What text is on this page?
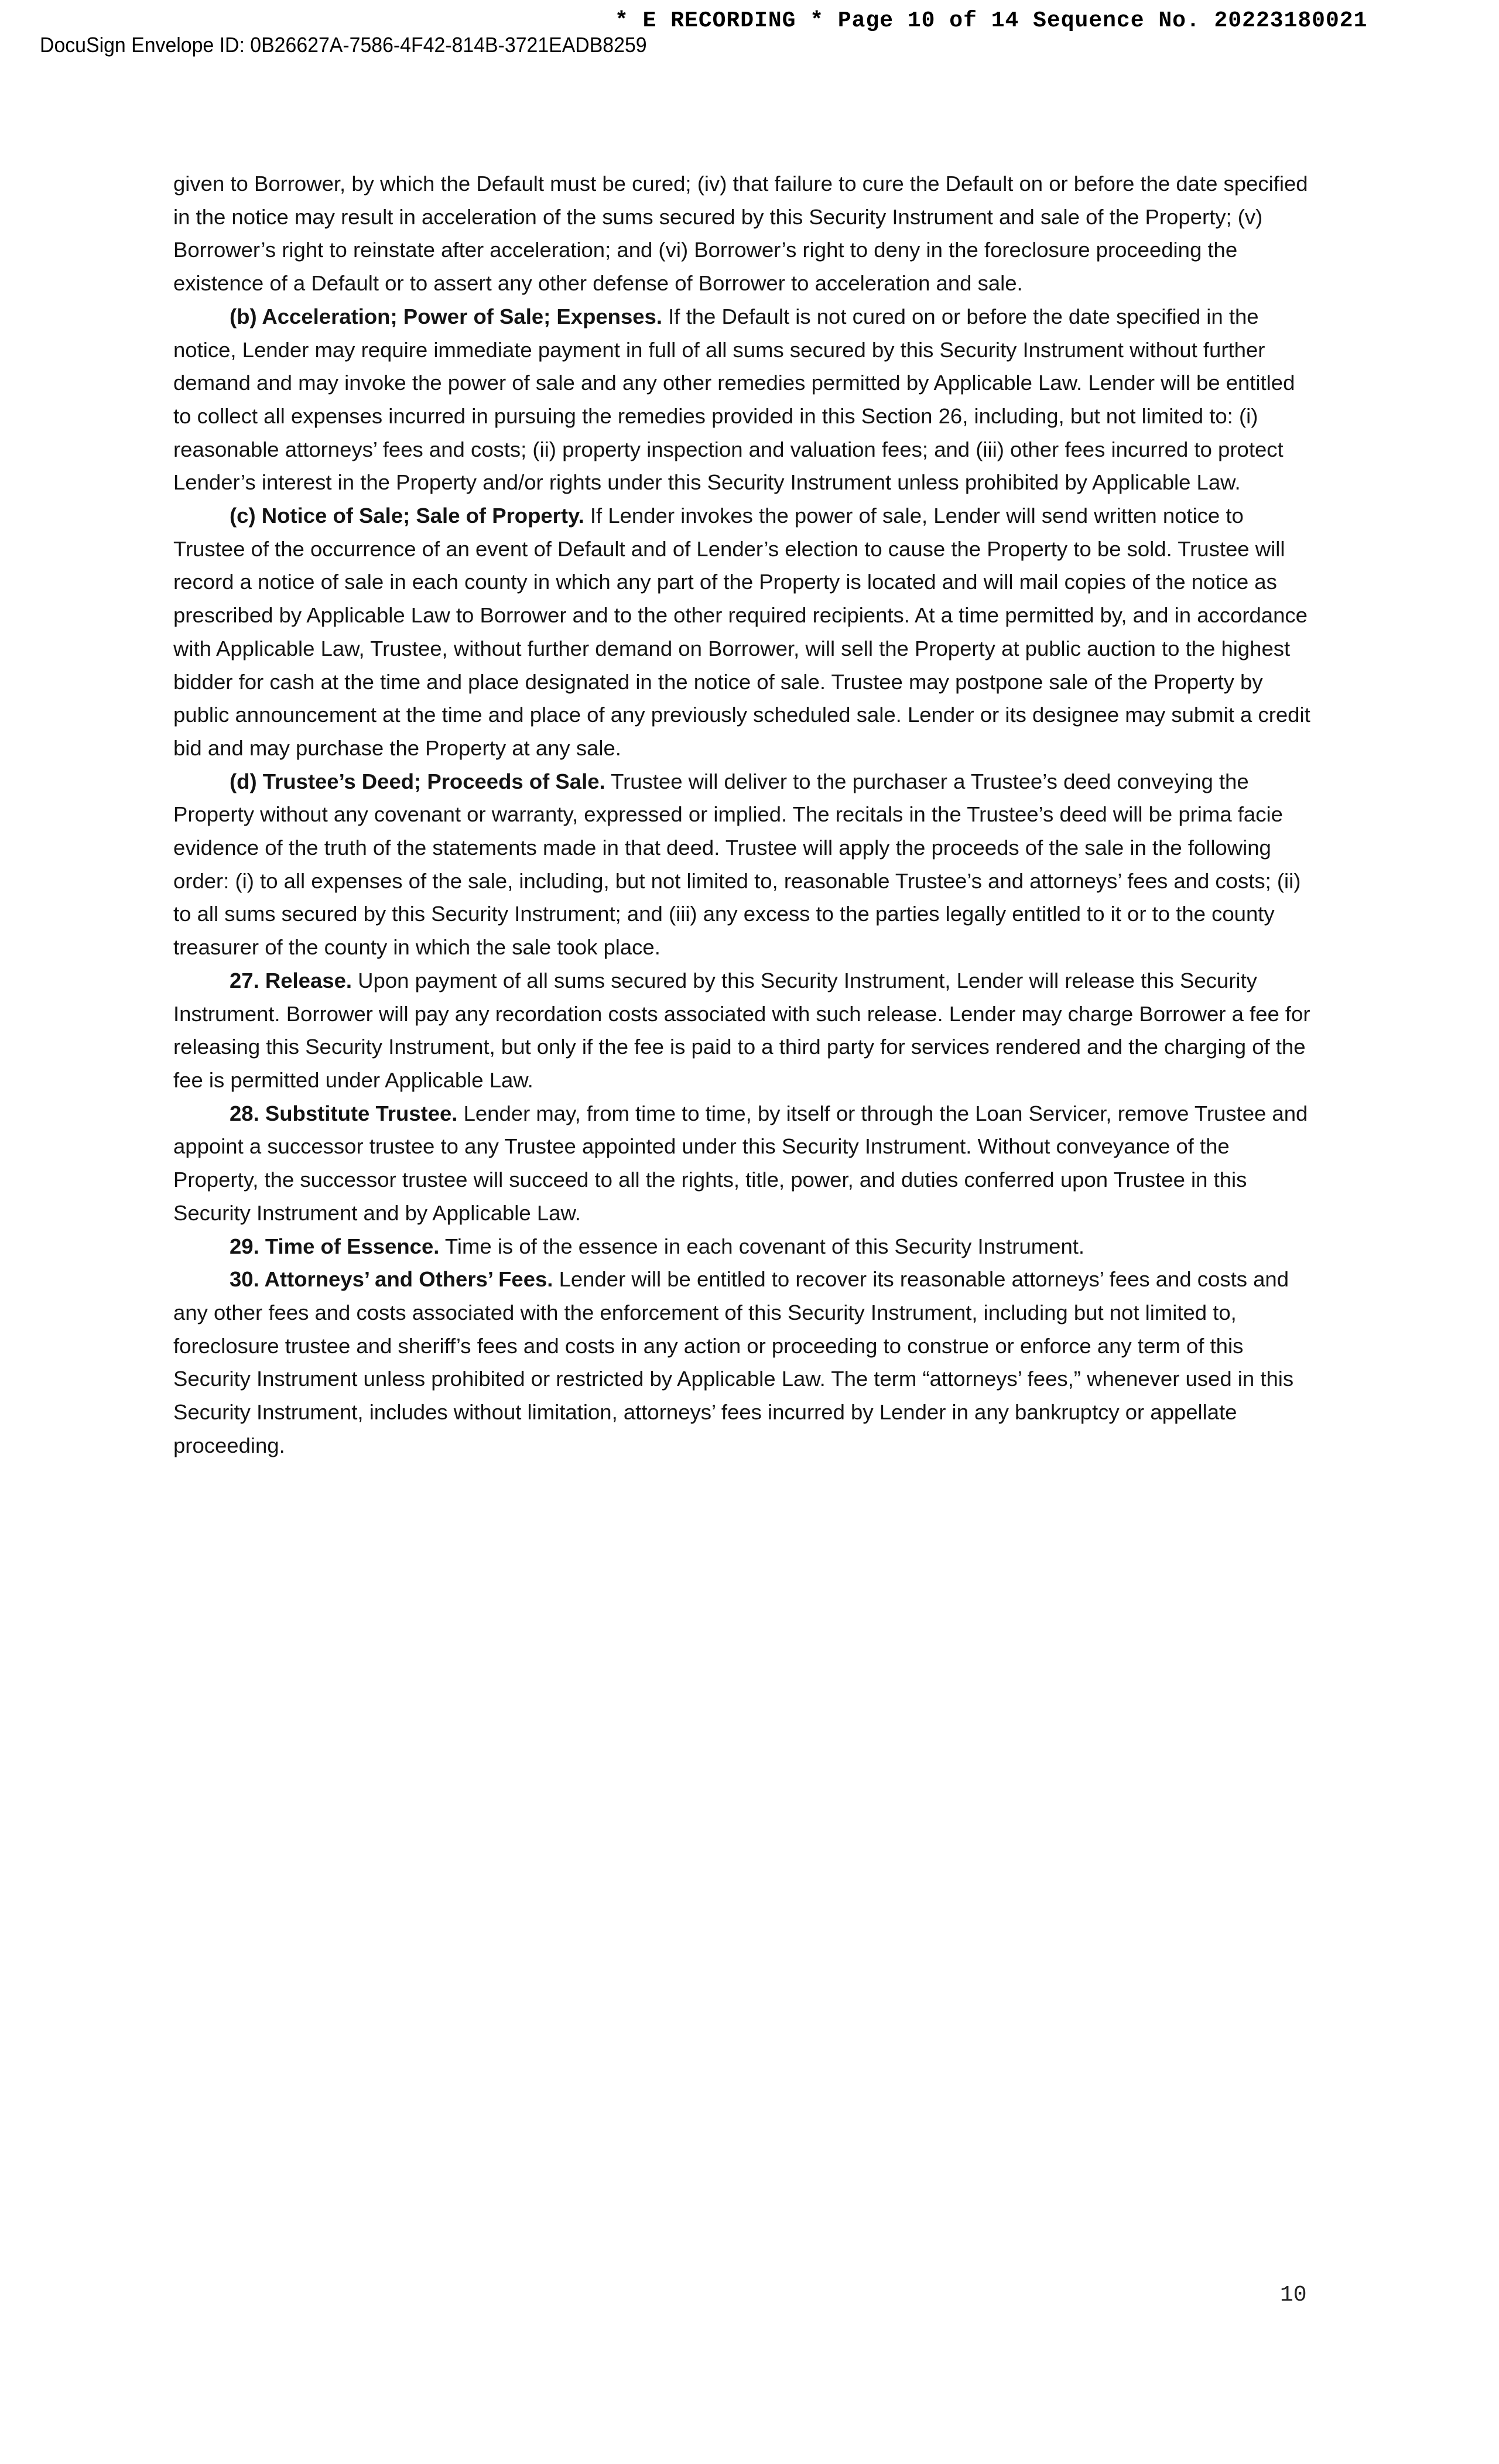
* E RECORDING * Page 10 of 14 Sequence No. 20223180021
DocuSign Envelope ID: 0B26627A-7586-4F42-814B-3721EADB8259

given to Borrower, by which the Default must be cured; (iv) that failure to cure the Default on or before the date specified in the notice may result in acceleration of the sums secured by this Security Instrument and sale of the Property; (v) Borrower’s right to reinstate after acceleration; and (vi) Borrower’s right to deny in the foreclosure proceeding the existence of a Default or to assert any other defense of Borrower to acceleration and sale.

(b) Acceleration; Power of Sale; Expenses. If the Default is not cured on or before the date specified in the notice, Lender may require immediate payment in full of all sums secured by this Security Instrument without further demand and may invoke the power of sale and any other remedies permitted by Applicable Law. Lender will be entitled to collect all expenses incurred in pursuing the remedies provided in this Section 26, including, but not limited to: (i) reasonable attorneys’ fees and costs; (ii) property inspection and valuation fees; and (iii) other fees incurred to protect Lender’s interest in the Property and/or rights under this Security Instrument unless prohibited by Applicable Law.

(c) Notice of Sale; Sale of Property. If Lender invokes the power of sale, Lender will send written notice to Trustee of the occurrence of an event of Default and of Lender’s election to cause the Property to be sold. Trustee will record a notice of sale in each county in which any part of the Property is located and will mail copies of the notice as prescribed by Applicable Law to Borrower and to the other required recipients. At a time permitted by, and in accordance with Applicable Law, Trustee, without further demand on Borrower, will sell the Property at public auction to the highest bidder for cash at the time and place designated in the notice of sale. Trustee may postpone sale of the Property by public announcement at the time and place of any previously scheduled sale. Lender or its designee may submit a credit bid and may purchase the Property at any sale.

(d) Trustee’s Deed; Proceeds of Sale. Trustee will deliver to the purchaser a Trustee’s deed conveying the Property without any covenant or warranty, expressed or implied. The recitals in the Trustee’s deed will be prima facie evidence of the truth of the statements made in that deed. Trustee will apply the proceeds of the sale in the following order: (i) to all expenses of the sale, including, but not limited to, reasonable Trustee’s and attorneys’ fees and costs; (ii) to all sums secured by this Security Instrument; and (iii) any excess to the parties legally entitled to it or to the county treasurer of the county in which the sale took place.

27. Release. Upon payment of all sums secured by this Security Instrument, Lender will release this Security Instrument. Borrower will pay any recordation costs associated with such release. Lender may charge Borrower a fee for releasing this Security Instrument, but only if the fee is paid to a third party for services rendered and the charging of the fee is permitted under Applicable Law.

28. Substitute Trustee. Lender may, from time to time, by itself or through the Loan Servicer, remove Trustee and appoint a successor trustee to any Trustee appointed under this Security Instrument. Without conveyance of the Property, the successor trustee will succeed to all the rights, title, power, and duties conferred upon Trustee in this Security Instrument and by Applicable Law.

29. Time of Essence. Time is of the essence in each covenant of this Security Instrument.

30. Attorneys’ and Others’ Fees. Lender will be entitled to recover its reasonable attorneys’ fees and costs and any other fees and costs associated with the enforcement of this Security Instrument, including but not limited to, foreclosure trustee and sheriff’s fees and costs in any action or proceeding to construe or enforce any term of this Security Instrument unless prohibited or restricted by Applicable Law. The term “attorneys’ fees,” whenever used in this Security Instrument, includes without limitation, attorneys’ fees incurred by Lender in any bankruptcy or appellate proceeding.

10
